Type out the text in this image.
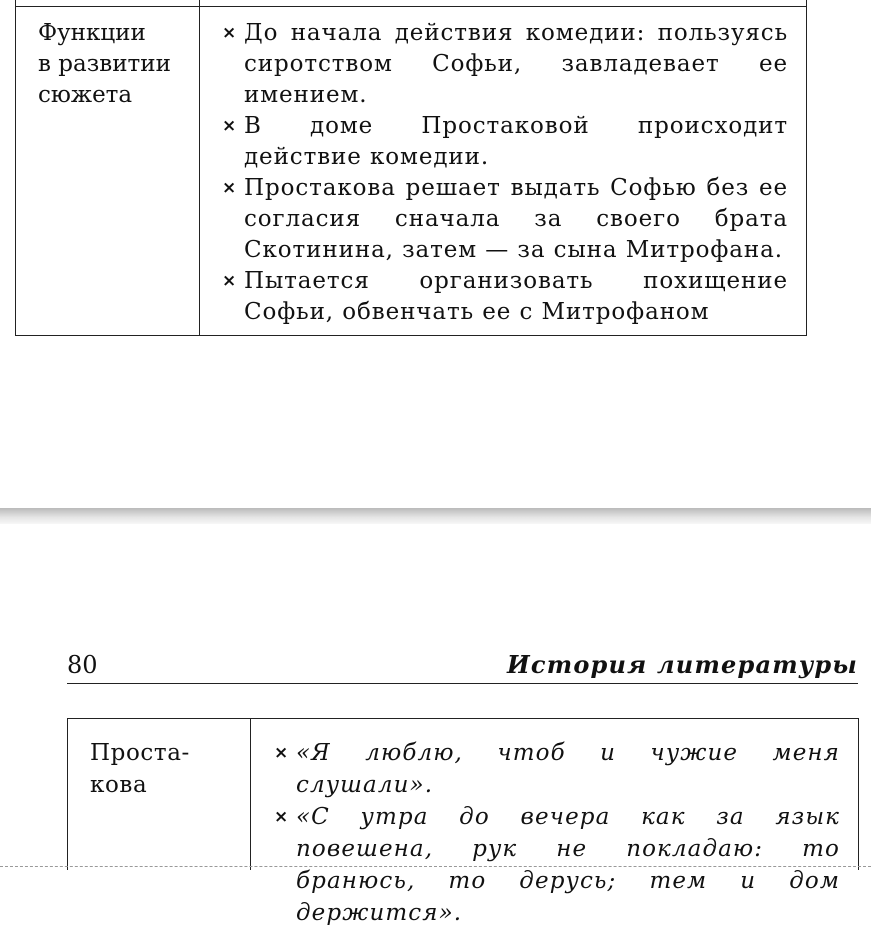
Функции
в развитии
сюжета
× До начала действия комедии: пользуясь сиротством Софьи, завладевает ее имением.
× В доме Простаковой происходит действие комедии.
× Простакова решает выдать Софью без ее согласия сначала за своего брата Скотинина, затем — за сына Митрофана.
× Пытается организовать похищение Софьи, обвенчать ее с Митрофаном
80	История литературы
Проста-
кова
× «Я люблю, чтоб и чужие меня слушали».
× «С утра до вечера как за язык повешена, рук не покладаю: то бранюсь, то дерусь; тем и дом держится».
